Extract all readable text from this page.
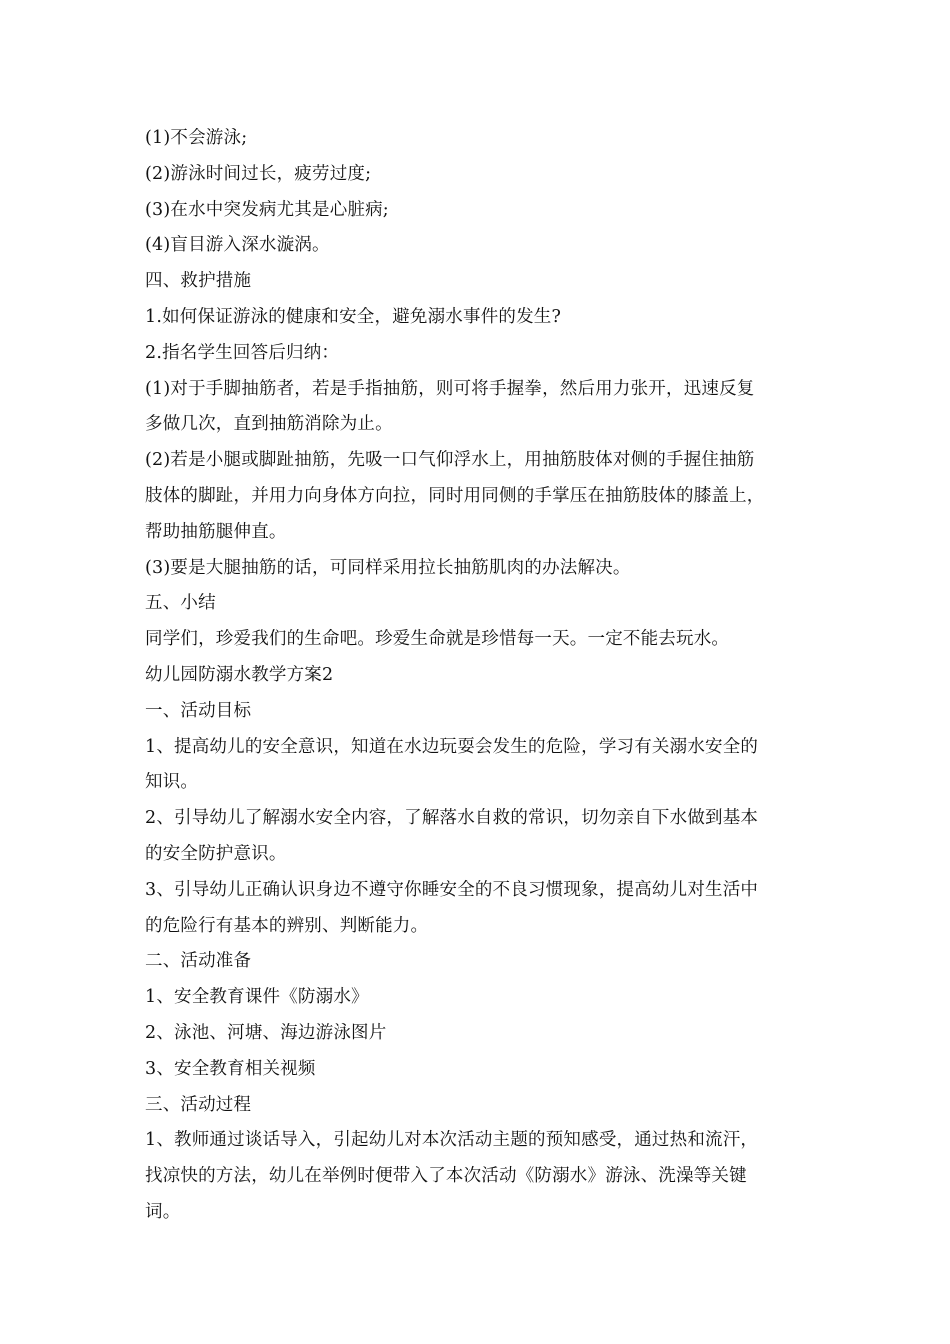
(1)不会游泳;
(2)游泳时间过长，疲劳过度;
(3)在水中突发病尤其是心脏病;
(4)盲目游入深水漩涡。
四、救护措施
1.如何保证游泳的健康和安全，避免溺水事件的发生?
2.指名学生回答后归纳：
(1)对于手脚抽筋者，若是手指抽筋，则可将手握拳，然后用力张开，迅速反复
多做几次，直到抽筋消除为止。
(2)若是小腿或脚趾抽筋，先吸一口气仰浮水上，用抽筋肢体对侧的手握住抽筋
肢体的脚趾，并用力向身体方向拉，同时用同侧的手掌压在抽筋肢体的膝盖上，
帮助抽筋腿伸直。
(3)要是大腿抽筋的话，可同样采用拉长抽筋肌肉的办法解决。
五、小结
同学们，珍爱我们的生命吧。珍爱生命就是珍惜每一天。一定不能去玩水。
幼儿园防溺水教学方案2
一、活动目标
1、提高幼儿的安全意识，知道在水边玩耍会发生的危险，学习有关溺水安全的
知识。
2、引导幼儿了解溺水安全内容，了解落水自救的常识，切勿亲自下水做到基本
的安全防护意识。
3、引导幼儿正确认识身边不遵守你睡安全的不良习惯现象，提高幼儿对生活中
的危险行有基本的辨别、判断能力。
二、活动准备
1、安全教育课件《防溺水》
2、泳池、河塘、海边游泳图片
3、安全教育相关视频
三、活动过程
1、教师通过谈话导入，引起幼儿对本次活动主题的预知感受，通过热和流汗，
找凉快的方法，幼儿在举例时便带入了本次活动《防溺水》游泳、洗澡等关键
词。
